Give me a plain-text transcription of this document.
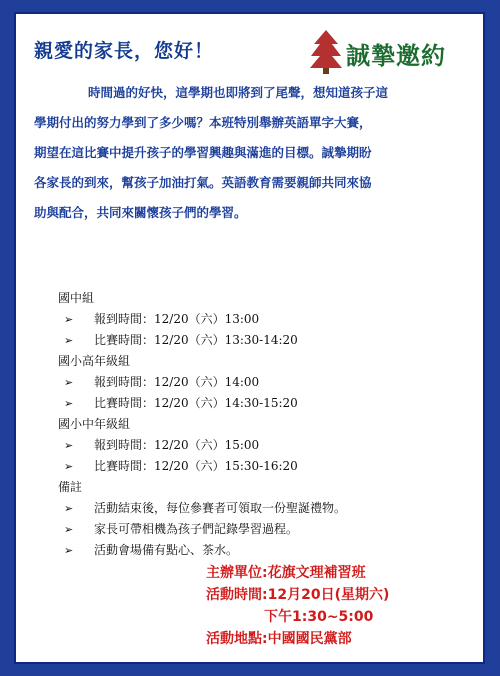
親愛的家長，您好！	誠摯邀約
時間過的好快，這學期也即將到了尾聲，想知道孩子這
學期付出的努力學到了多少嗎？本班特別舉辦英語單字大賽，
期望在這比賽中提升孩子的學習興趣與滿進的目標。誠摯期盼
各家長的到來，幫孩子加油打氣。英語教育需要親師共同來協
助與配合，共同來關懷孩子們的學習。
國中組
➢	報到時間：12/20（六）13:00
➢	比賽時間：12/20（六）13:30-14:20
國小高年級組
➢	報到時間：12/20（六）14:00
➢	比賽時間：12/20（六）14:30-15:20
國小中年級組
➢	報到時間：12/20（六）15:00
➢	比賽時間：12/20（六）15:30-16:20
備註
➢	活動結束後，每位參賽者可領取一份聖誕禮物。
➢	家長可帶相機為孩子們記錄學習過程。
➢	活動會場備有點心、茶水。
主辦單位:花旗文理補習班
活動時間:12月20日(星期六)
下午1:30~5:00
活動地點:中國國民黨部
